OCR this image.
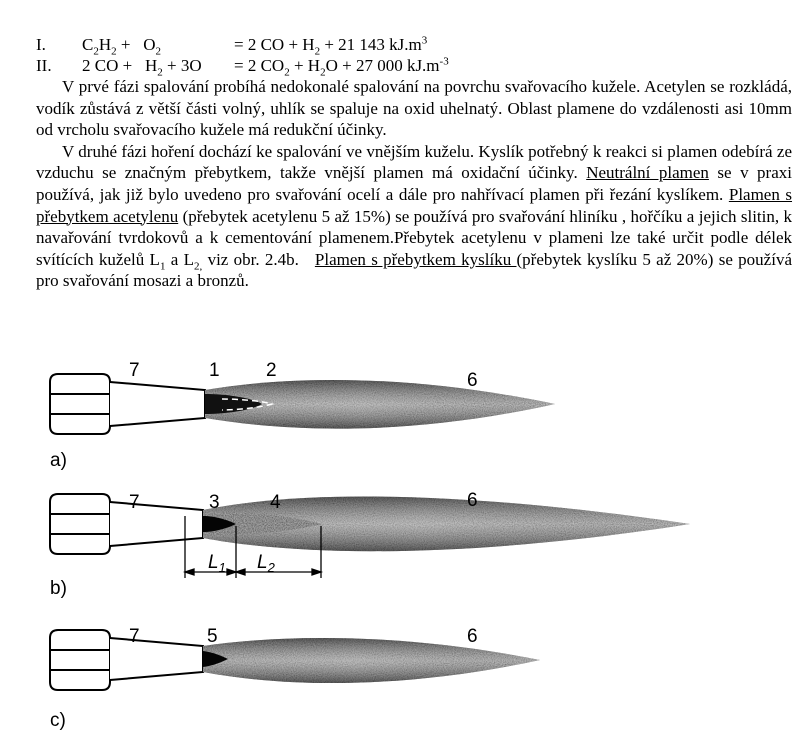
I.	$C_2H_2 + O_2$	= 2 CO + $H_2 + 21$ 143 $kJ.m^3$
II.	2 CO +   $H_2 + 3O$	= 2 $CO_2 + H_2O + 27$ 000 $kJ.m^{-3}$

V prvé fázi spalování probíhá nedokonalé spalování na povrchu svařovacího kužele. Acetylen se rozkládá, vodík zůstává z větší části volný, uhlík se spaluje na oxid uhelnatý. Oblast plamene do vzdálenosti asi 10mm od vrcholu svařovacího kužele má redukční účinky.

V druhé fázi hoření dochází ke spalování ve vnějším kuželu. Kyslík potřebný k reakci si plamen odebírá ze vzduchu se značným přebytkem, takže vnější plamen má oxidační účinky. Neutrální plamen se v praxi používá, jak již bylo uvedeno pro svařování ocelí a dále pro nahřívací plamen při řezání kyslíkem. Plamen s přebytkem acetylenu (přebytek acetylenu 5 až 15%) se používá pro svařování hliníku , hořčíku a jejich slitin, k navařování tvrdokovů a k cementování plamenem.Přebytek acetylenu v plameni lze také určit podle délek svítících kuželů $L_1$ a $L_{2,}$ viz obr. 2.4b.   Plamen s přebytkem kyslíku (přebytek kyslíku 5 až 20%) se používá pro svařování mosazi a bronzů.

7	1 2	6
a)
$L_1$ $L_2$
7	3	4	6
b)
7	5	6
c)
